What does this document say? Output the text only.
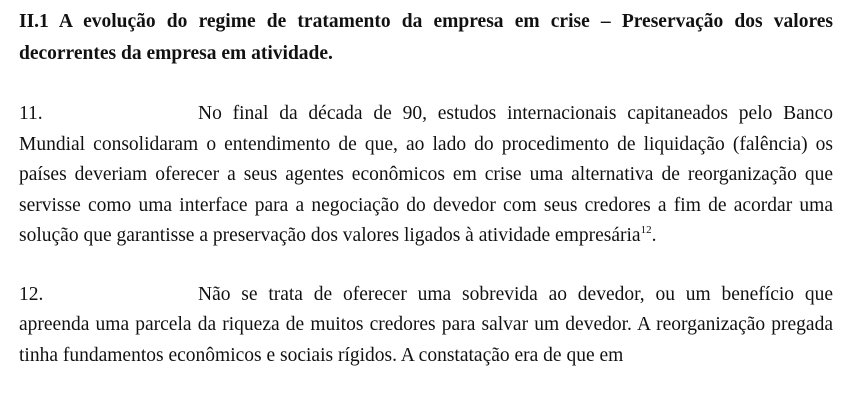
II.1 A evolução do regime de tratamento da empresa em crise – Preservação dos valores decorrentes da empresa em atividade.

11.	No final da década de 90, estudos internacionais capitaneados pelo Banco Mundial consolidaram o entendimento de que, ao lado do procedimento de liquidação (falência) os países deveriam oferecer a seus agentes econômicos em crise uma alternativa de reorganização que servisse como uma interface para a negociação do devedor com seus credores a fim de acordar uma solução que garantisse a preservação dos valores ligados à atividade empresária$^{12}$.

12.	Não se trata de oferecer uma sobrevida ao devedor, ou um benefício que apreenda uma parcela da riqueza de muitos credores para salvar um devedor. A reorganização pregada tinha fundamentos econômicos e sociais rígidos. A constatação era de que em
